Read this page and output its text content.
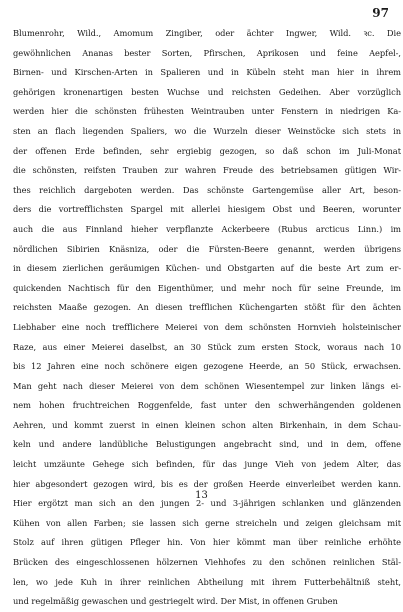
97
Blumenrohr, Wild., Amomum Zingiber, oder ächter Ingwer, Wild. ꝛc. Die
gewöhnlichen Ananas bester Sorten, Pfirschen, Aprikosen und feine Aepfel-,
Birnen- und Kirschen-Arten in Spalieren und in Kübeln steht man hier in ihrem
gehörigen kronenartigen besten Wuchse und reichsten Gedeihen. Aber vorzüglich
werden hier die schönsten frühesten Weintrauben unter Fenstern in niedrigen Ka-
sten an flach liegenden Spaliers, wo die Wurzeln dieser Weinstöcke sich stets in
der offenen Erde befinden, sehr ergiebig gezogen, so daß schon im Juli-Monat
die schönsten, reifsten Trauben zur wahren Freude des betriebsamen gütigen Wir-
thes reichlich dargeboten werden. Das schönste Gartengemüse aller Art, beson-
ders die vortrefflichsten Spargel mit allerlei hiesigem Obst und Beeren, worunter
auch die aus Finnland hieher verpflanzte Ackerbeere (Rubus arcticus Linn.) im
nördlichen Sibirien Knäsniza, oder die Fürsten-Beere genannt, werden übrigens
in diesem zierlichen geräumigen Küchen- und Obstgarten auf die beste Art zum er-
quickenden Nachtisch für den Eigenthümer, und mehr noch für seine Freunde, im
reichsten Maaße gezogen. An diesen trefflichen Küchengarten stößt für den ächten
Liebhaber eine noch trefflichere Meierei von dem schönsten Hornvieh holsteinischer
Raze, aus einer Meierei daselbst, an 30 Stück zum ersten Stock, woraus nach 10
bis 12 Jahren eine noch schönere eigen gezogene Heerde, an 50 Stück, erwachsen.
Man geht nach dieser Meierei von dem schönen Wiesentempel zur linken längs ei-
nem hohen fruchtreichen Roggenfelde, fast unter den schwerhängenden goldenen
Aehren, und kommt zuerst in einen kleinen schon alten Birkenhain, in dem Schau-
keln und andere landübliche Belustigungen angebracht sind, und in dem, offene
leicht umzäunte Gehege sich befinden, für das junge Vieh von jedem Alter, das
hier abgesondert gezogen wird, bis es der großen Heerde einverleibet werden kann.
Hier ergötzt man sich an den jungen 2- und 3-jährigen schlanken und glänzenden
Kühen von allen Farben; sie lassen sich gerne streicheln und zeigen gleichsam mit
Stolz auf ihren gütigen Pfleger hin. Von hier kömmt man über reinliche erhöhte
Brücken des eingeschlossenen hölzernen Viehhofes zu den schönen reinlichen Stäl-
len, wo jede Kuh in ihrer reinlichen Abtheilung mit ihrem Futterbehältniß steht,
und regelmäßig gewaschen und gestriegelt wird. Der Mist, in offenen Gruben
13
